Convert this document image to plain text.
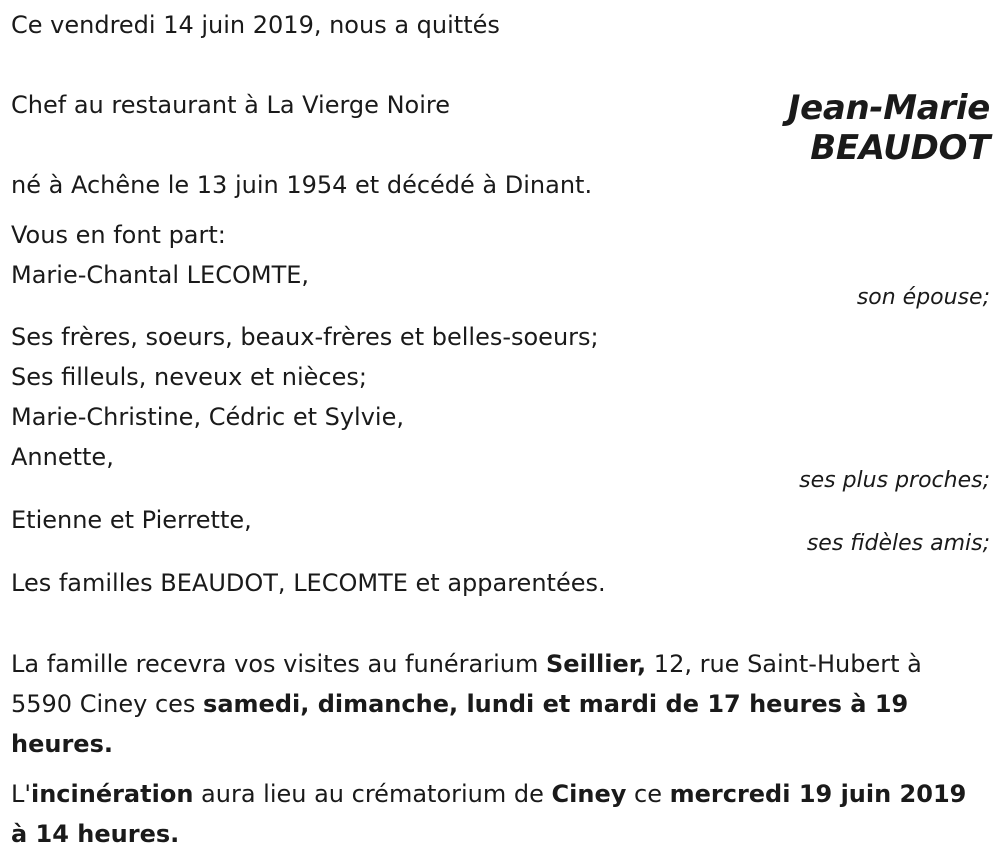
Ce vendredi 14 juin 2019, nous a quittés
Chef au restaurant à La Vierge Noire	Jean-Marie
BEAUDOT
né à Achêne le 13 juin 1954 et décédé à Dinant.
Vous en font part:
Marie-Chantal LECOMTE,
son épouse;
Ses frères, soeurs, beaux-frères et belles-soeurs;
Ses filleuls, neveux et nièces;
Marie-Christine, Cédric et Sylvie,
Annette,
ses plus proches;
Etienne et Pierrette,
ses fidèles amis;
Les familles BEAUDOT, LECOMTE et apparentées.
La famille recevra vos visites au funérarium Seillier, 12, rue Saint-Hubert à 5590 Ciney ces samedi, dimanche, lundi et mardi de 17 heures à 19 heures.
L'incinération aura lieu au crématorium de Ciney ce mercredi 19 juin 2019 à 14 heures.
